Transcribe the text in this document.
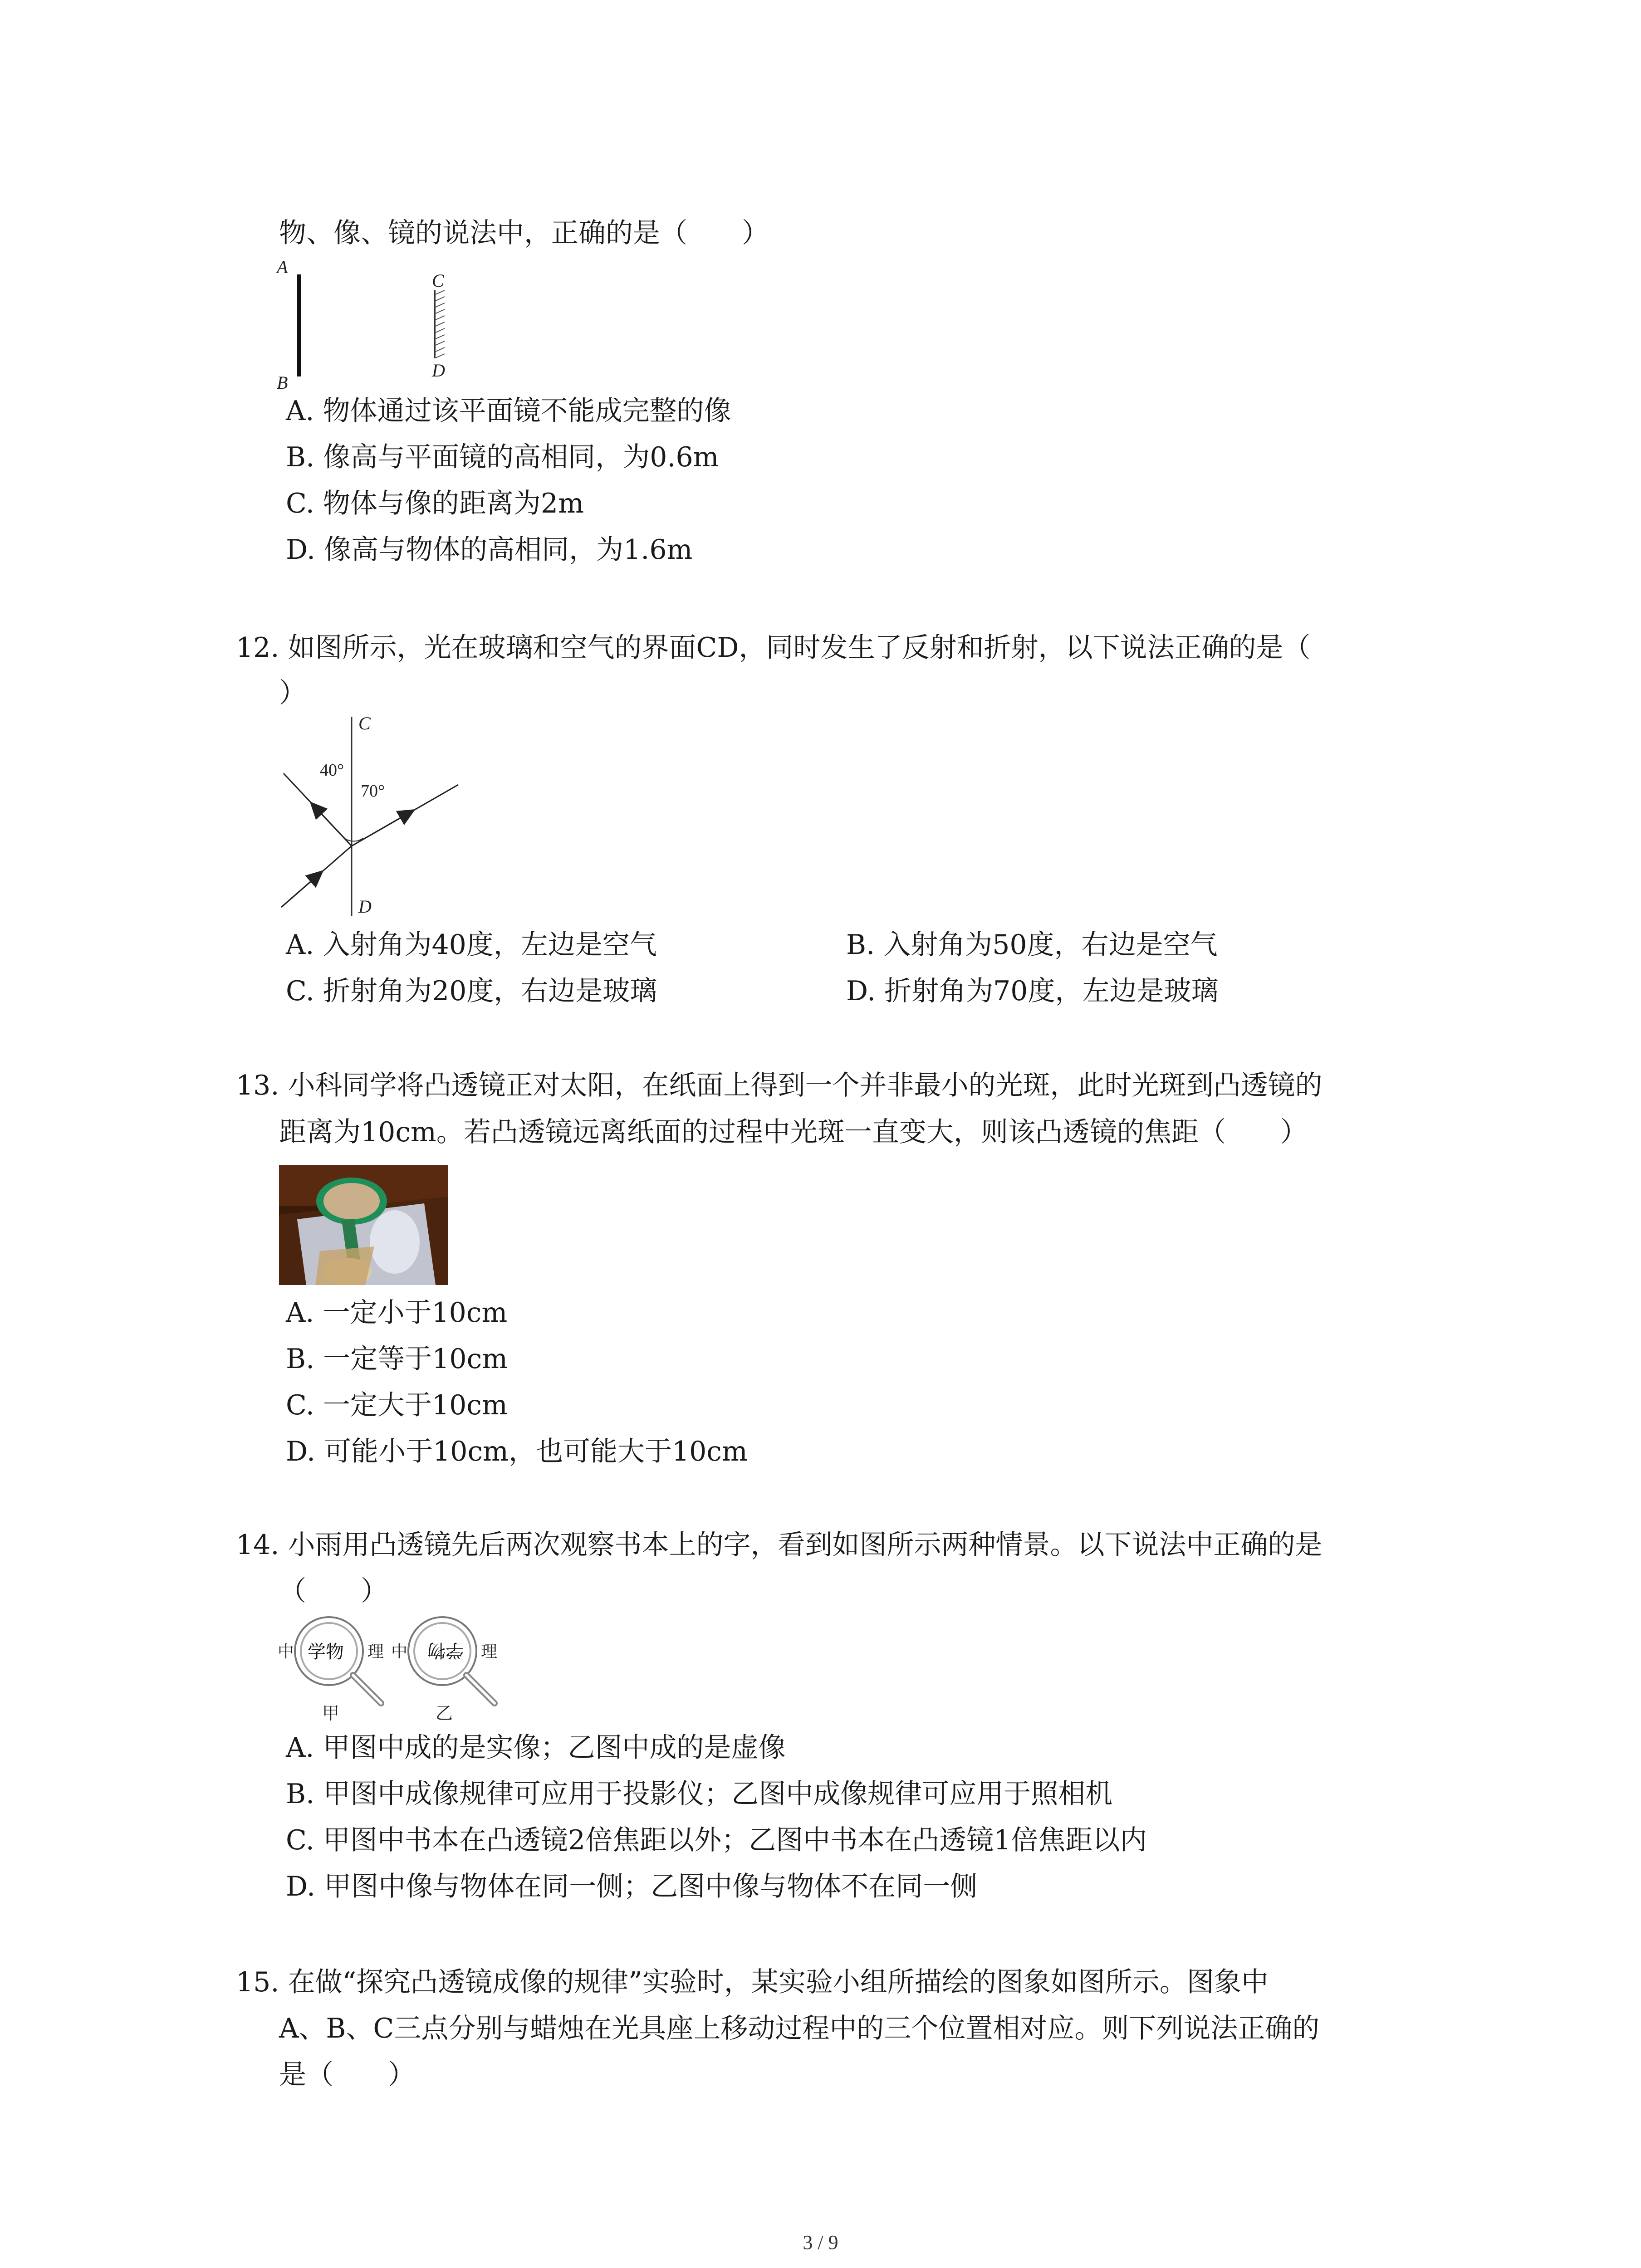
物、像、镜的说法中，正确的是（　　）
A
B
C
D
A. 物体通过该平面镜不能成完整的像
B. 像高与平面镜的高相同，为0.6m
C. 物体与像的距离为2m
D. 像高与物体的高相同，为1.6m
12. 如图所示，光在玻璃和空气的界面CD，同时发生了反射和折射，以下说法正确的是（
）
C
D
40°
70°
A. 入射角为40度，左边是空气	B. 入射角为50度，右边是空气
C. 折射角为20度，右边是玻璃	D. 折射角为70度，左边是玻璃
13. 小科同学将凸透镜正对太阳，在纸面上得到一个并非最小的光斑，此时光斑到凸透镜的
距离为10cm。若凸透镜远离纸面的过程中光斑一直变大，则该凸透镜的焦距（　　）
A. 一定小于10cm
B. 一定等于10cm
C. 一定大于10cm
D. 可能小于10cm，也可能大于10cm
14. 小雨用凸透镜先后两次观察书本上的字，看到如图所示两种情景。以下说法中正确的是
（　　）
中 学物 理
甲
中 学物 理
乙
A. 甲图中成的是实像；乙图中成的是虚像
B. 甲图中成像规律可应用于投影仪；乙图中成像规律可应用于照相机
C. 甲图中书本在凸透镜2倍焦距以外；乙图中书本在凸透镜1倍焦距以内
D. 甲图中像与物体在同一侧；乙图中像与物体不在同一侧
15. 在做“探究凸透镜成像的规律”实验时，某实验小组所描绘的图象如图所示。图象中
A、B、C三点分别与蜡烛在光具座上移动过程中的三个位置相对应。则下列说法正确的
是（　　）
3 / 9
